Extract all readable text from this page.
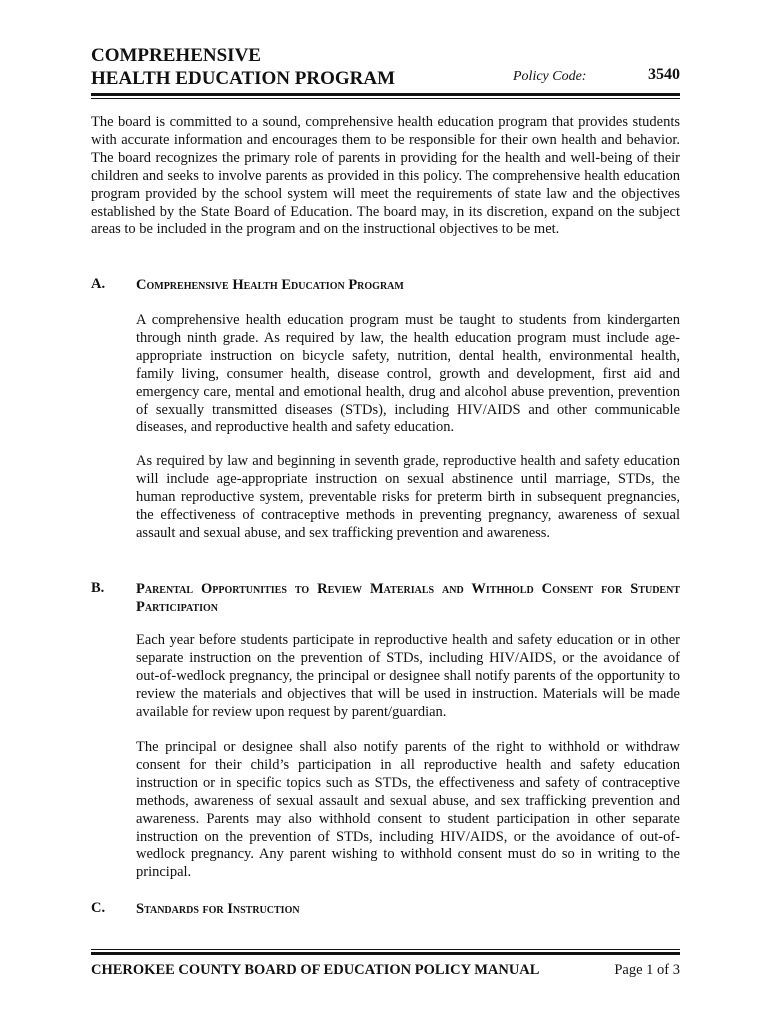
COMPREHENSIVE
HEALTH EDUCATION PROGRAM	Policy Code:	3540

The board is committed to a sound, comprehensive health education program that provides students with accurate information and encourages them to be responsible for their own health and behavior. The board recognizes the primary role of parents in providing for the health and well-being of their children and seeks to involve parents as provided in this policy. The comprehensive health education program provided by the school system will meet the requirements of state law and the objectives established by the State Board of Education. The board may, in its discretion, expand on the subject areas to be included in the program and on the instructional objectives to be met.

A. Comprehensive Health Education Program

A comprehensive health education program must be taught to students from kindergarten through ninth grade. As required by law, the health education program must include age-appropriate instruction on bicycle safety, nutrition, dental health, environmental health, family living, consumer health, disease control, growth and development, first aid and emergency care, mental and emotional health, drug and alcohol abuse prevention, prevention of sexually transmitted diseases (STDs), including HIV/AIDS and other communicable diseases, and reproductive health and safety education.

As required by law and beginning in seventh grade, reproductive health and safety education will include age-appropriate instruction on sexual abstinence until marriage, STDs, the human reproductive system, preventable risks for preterm birth in subsequent pregnancies, the effectiveness of contraceptive methods in preventing pregnancy, awareness of sexual assault and sexual abuse, and sex trafficking prevention and awareness.

B. Parental Opportunities to Review Materials and Withhold Consent for Student Participation

Each year before students participate in reproductive health and safety education or in other separate instruction on the prevention of STDs, including HIV/AIDS, or the avoidance of out-of-wedlock pregnancy, the principal or designee shall notify parents of the opportunity to review the materials and objectives that will be used in instruction. Materials will be made available for review upon request by parent/guardian.

The principal or designee shall also notify parents of the right to withhold or withdraw consent for their child’s participation in all reproductive health and safety education instruction or in specific topics such as STDs, the effectiveness and safety of contraceptive methods, awareness of sexual assault and sexual abuse, and sex trafficking prevention and awareness. Parents may also withhold consent to student participation in other separate instruction on the prevention of STDs, including HIV/AIDS, or the avoidance of out-of-wedlock pregnancy. Any parent wishing to withhold consent must do so in writing to the principal.

C. Standards for Instruction
CHEROKEE COUNTY BOARD OF EDUCATION POLICY MANUAL	Page 1 of 3
